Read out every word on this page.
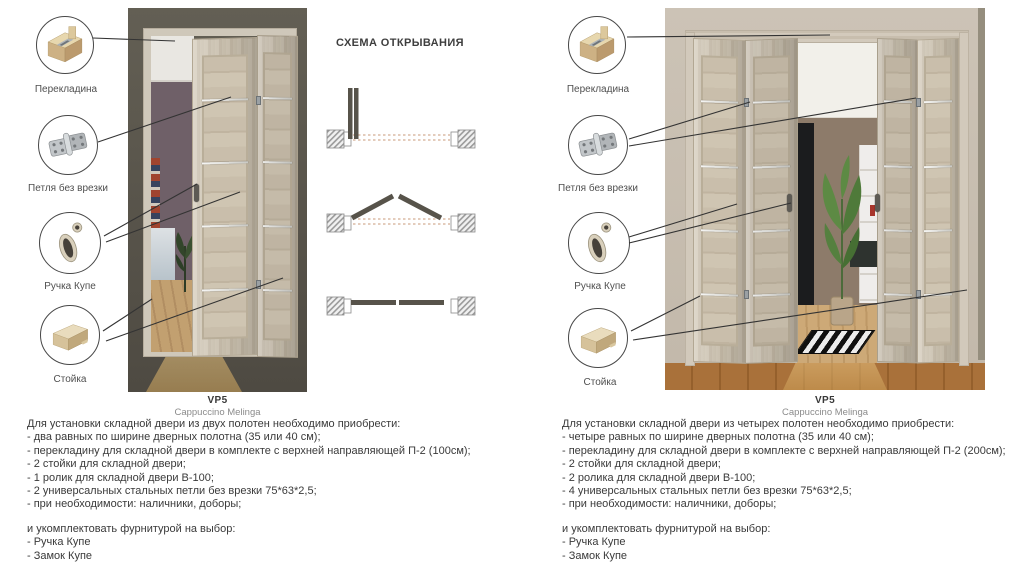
Перекладина
Петля без врезки
Ручка Купе
Стойка
VP5
Cappuccino Melinga
СХЕМА ОТКРЫВАНИЯ
Перекладина
Петля без врезки
Ручка Купе
Стойка
VP5
Cappuccino Melinga
Для установки складной двери из двух полотен необходимо приобрести:
- два равных по ширине дверных полотна (35 или 40 см);
- перекладину для складной двери в комплекте с верхней направляющей П-2 (100см);
- 2 стойки для складной двери;
- 1 ролик для складной двери В-100;
- 2 универсальных стальных петли без врезки 75*63*2,5;
- при необходимости: наличники, доборы;
и укомплектовать фурнитурой на выбор:
- Ручка Купе
- Замок Купе
Для установки складной двери из четырех полотен необходимо приобрести:
- четыре равных по ширине дверных полотна (35 или 40 см);
- перекладину для складной двери в комплекте с верхней направляющей П-2 (200см);
- 2 стойки для складной двери;
- 2 ролика для складной двери В-100;
- 4 универсальных стальных петли без врезки 75*63*2,5;
- при необходимости: наличники, доборы;
и укомплектовать фурнитурой на выбор:
- Ручка Купе
- Замок Купе
